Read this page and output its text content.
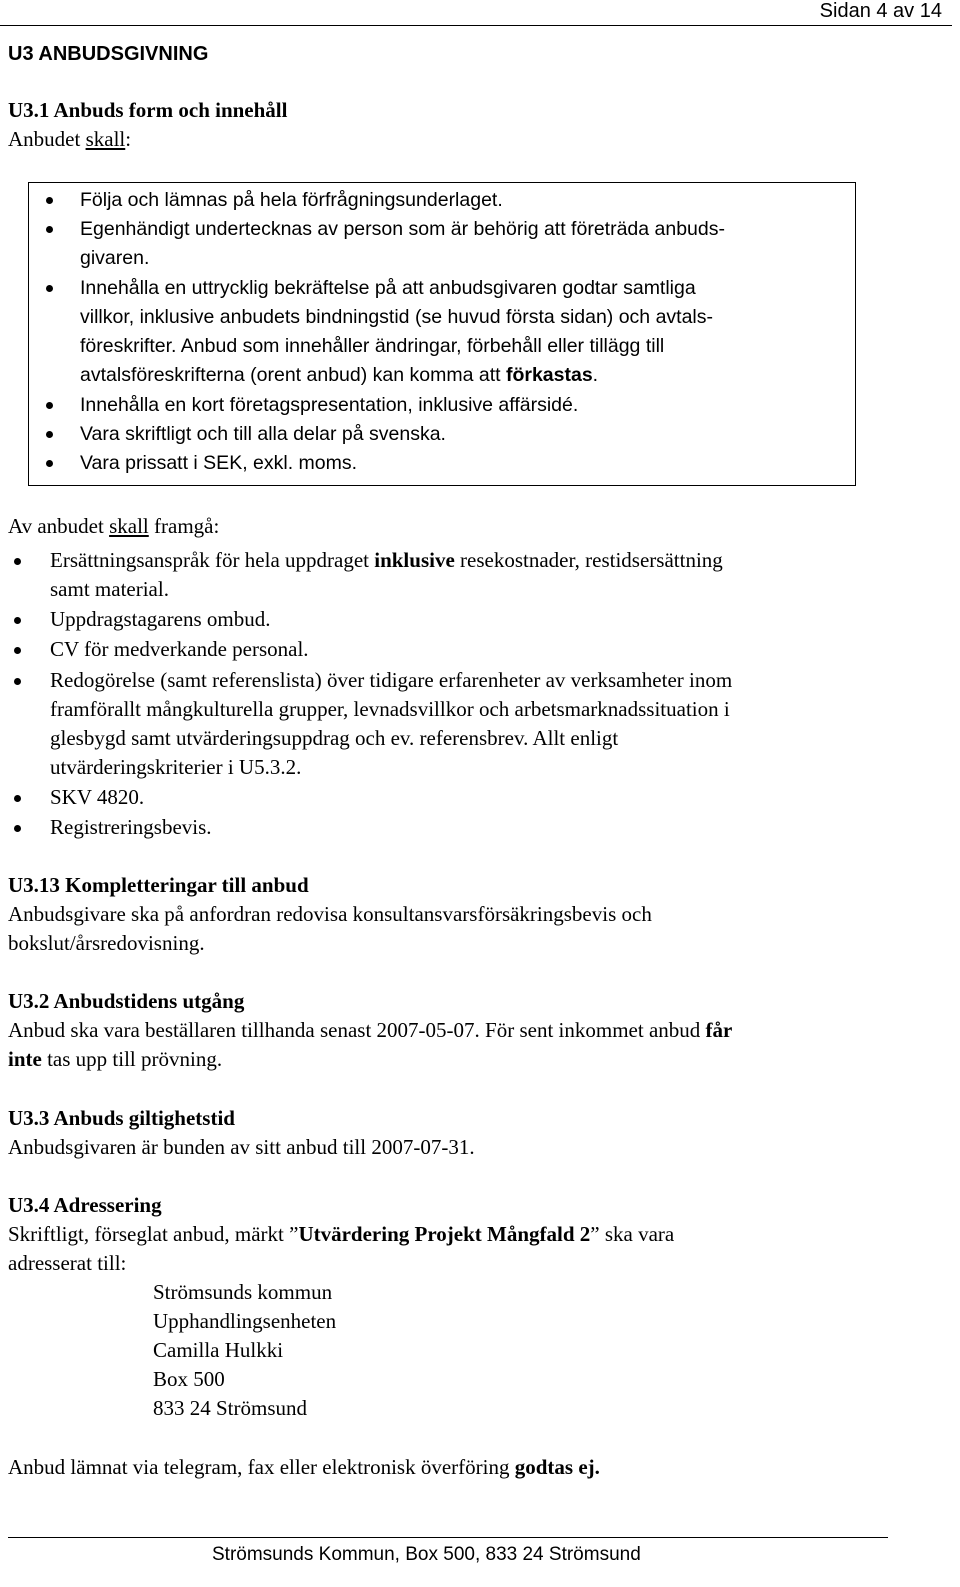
Sidan 4 av 14
U3 ANBUDSGIVNING
U3.1 Anbuds form och innehåll
Anbudet skall:
Följa och lämnas på hela förfrågningsunderlaget.
Egenhändigt undertecknas av person som är behörig att företräda anbuds-
givaren.
Innehålla en uttrycklig bekräftelse på att anbudsgivaren godtar samtliga
villkor, inklusive anbudets bindningstid (se huvud första sidan) och avtals-
föreskrifter. Anbud som innehåller ändringar, förbehåll eller tillägg till
avtalsföreskrifterna (orent anbud) kan komma att förkastas.
Innehålla en kort företagspresentation, inklusive affärsidé.
Vara skriftligt och till alla delar på svenska.
Vara prissatt i SEK, exkl. moms.
Av anbudet skall framgå:
Ersättningsanspråk för hela uppdraget inklusive resekostnader, restidsersättning
samt material.
Uppdragstagarens ombud.
CV för medverkande personal.
Redogörelse (samt referenslista) över tidigare erfarenheter av verksamheter inom
framförallt mångkulturella grupper, levnadsvillkor och arbetsmarknadssituation i
glesbygd samt utvärderingsuppdrag och ev. referensbrev. Allt enligt
utvärderingskriterier i U5.3.2.
SKV 4820.
Registreringsbevis.
U3.13 Kompletteringar till anbud
Anbudsgivare ska på anfordran redovisa konsultansvarsförsäkringsbevis och
bokslut/årsredovisning.
U3.2 Anbudstidens utgång
Anbud ska vara beställaren tillhanda senast 2007-05-07. För sent inkommet anbud får
inte tas upp till prövning.
U3.3 Anbuds giltighetstid
Anbudsgivaren är bunden av sitt anbud till 2007-07-31.
U3.4 Adressering
Skriftligt, förseglat anbud, märkt ”Utvärdering Projekt Mångfald 2” ska vara
adresserat till:
Strömsunds kommun
Upphandlingsenheten
Camilla Hulkki
Box 500
833 24 Strömsund
Anbud lämnat via telegram, fax eller elektronisk överföring godtas ej.
Strömsunds Kommun, Box 500, 833 24 Strömsund
